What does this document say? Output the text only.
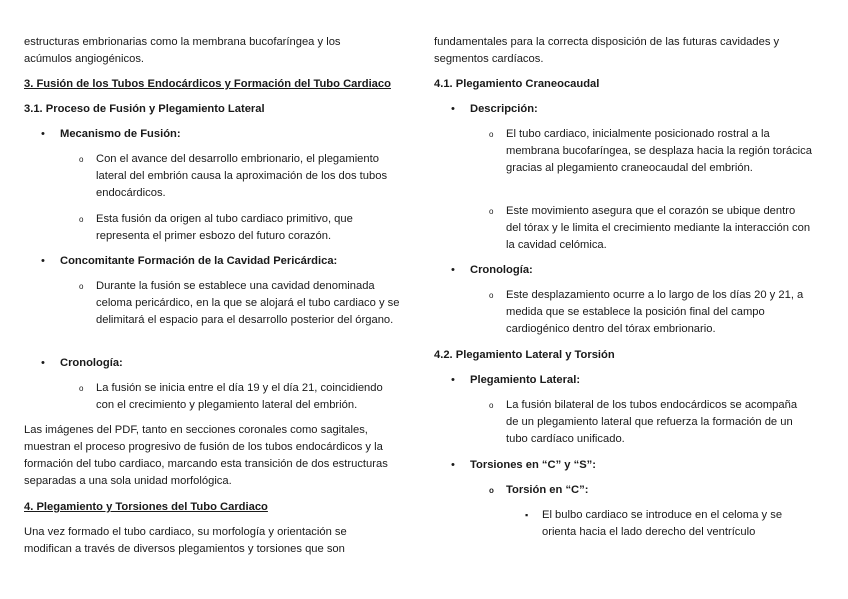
estructuras embrionarias como la membrana bucofaríngea y los acúmulos angiogénicos.

3. Fusión de los Tubos Endocárdicos y Formación del Tubo Cardiaco

3.1. Proceso de Fusión y Plegamiento Lateral

• Mecanismo de Fusión:

o Con el avance del desarrollo embrionario, el plegamiento lateral del embrión causa la aproximación de los dos tubos endocárdicos.

o Esta fusión da origen al tubo cardiaco primitivo, que representa el primer esbozo del futuro corazón.

• Concomitante Formación de la Cavidad Pericárdica:

o Durante la fusión se establece una cavidad denominada celoma pericárdico, en la que se alojará el tubo cardiaco y se delimitará el espacio para el desarrollo posterior del órgano.

• Cronología:

o La fusión se inicia entre el día 19 y el día 21, coincidiendo con el crecimiento y plegamiento lateral del embrión.

Las imágenes del PDF, tanto en secciones coronales como sagitales, muestran el proceso progresivo de fusión de los tubos endocárdicos y la formación del tubo cardiaco, marcando esta transición de dos estructuras separadas a una sola unidad morfológica.

4. Plegamiento y Torsiones del Tubo Cardiaco

Una vez formado el tubo cardiaco, su morfología y orientación se modifican a través de diversos plegamientos y torsiones que son

fundamentales para la correcta disposición de las futuras cavidades y segmentos cardíacos.

4.1. Plegamiento Craneocaudal

• Descripción:

o El tubo cardiaco, inicialmente posicionado rostral a la membrana bucofaríngea, se desplaza hacia la región torácica gracias al plegamiento craneocaudal del embrión.

o Este movimiento asegura que el corazón se ubique dentro del tórax y le limita el crecimiento mediante la interacción con la cavidad celómica.

• Cronología:

o Este desplazamiento ocurre a lo largo de los días 20 y 21, a medida que se establece la posición final del campo cardiogénico dentro del tórax embrionario.

4.2. Plegamiento Lateral y Torsión

• Plegamiento Lateral:

o La fusión bilateral de los tubos endocárdicos se acompaña de un plegamiento lateral que refuerza la formación de un tubo cardíaco unificado.

• Torsiones en “C” y “S”:

o Torsión en “C”:

▪ El bulbo cardiaco se introduce en el celoma y se orienta hacia el lado derecho del ventrículo
